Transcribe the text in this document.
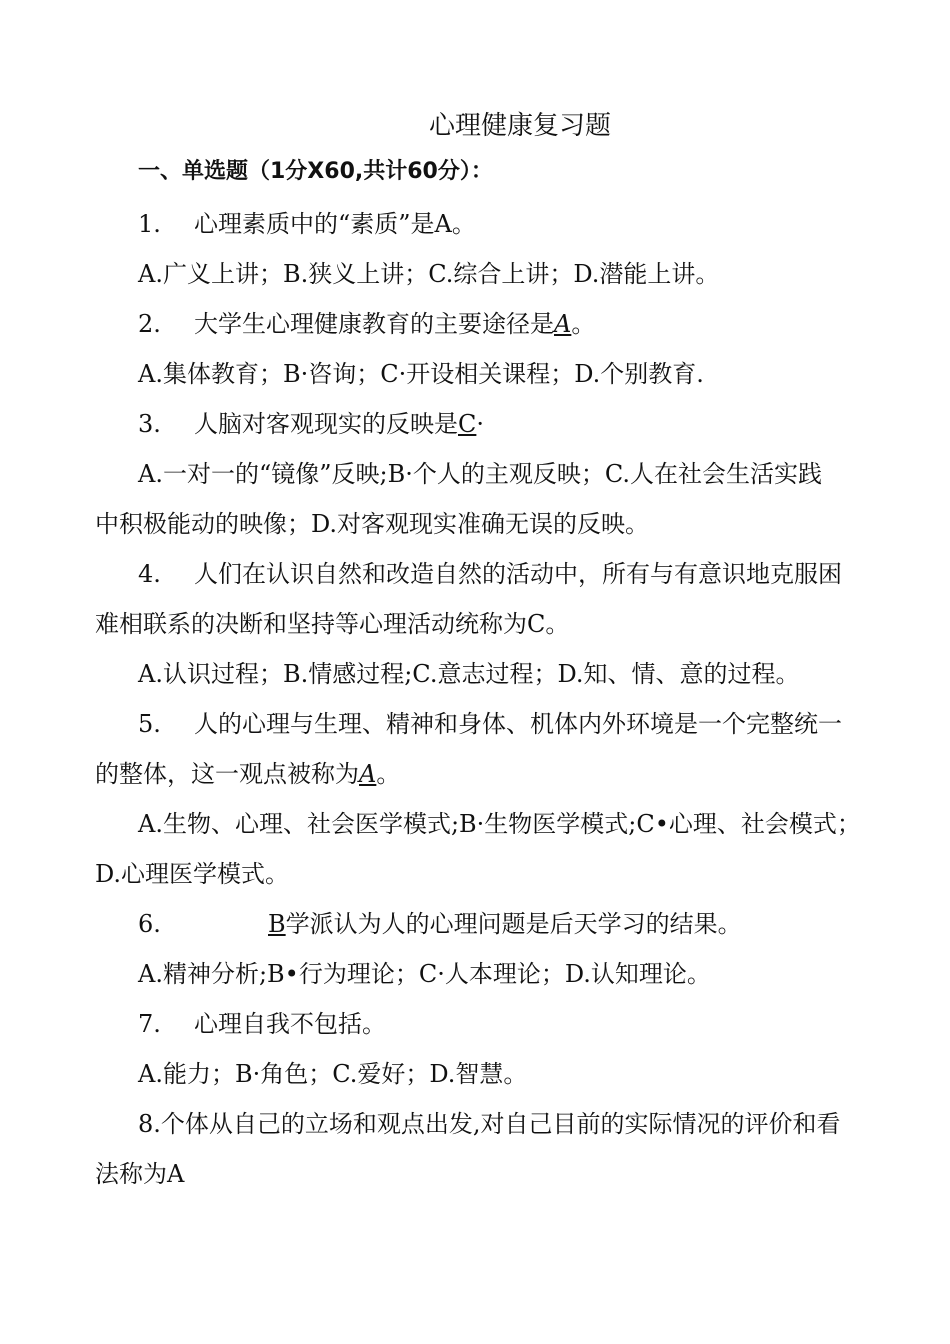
心理健康复习题
一、单选题（1分X60,共计60分）：
1. 心理素质中的“素质”是A。
A.广义上讲；B.狭义上讲；C.综合上讲；D.潜能上讲。
2. 大学生心理健康教育的主要途径是A。
A.集体教育；B·咨询；C·开设相关课程；D.个别教育.
3. 人脑对客观现实的反映是C·
A.一对一的“镜像”反映;B·个人的主观反映；C.人在社会生活实践
中积极能动的映像；D.对客观现实准确无误的反映。
4. 人们在认识自然和改造自然的活动中，所有与有意识地克服困
难相联系的决断和坚持等心理活动统称为C。
A.认识过程；B.情感过程;C.意志过程；D.知、情、意的过程。
5. 人的心理与生理、精神和身体、机体内外环境是一个完整统一
的整体，这一观点被称为A。
A.生物、心理、社会医学模式;B·生物医学模式;C•心理、社会模式；
D.心理医学模式。
6.	B学派认为人的心理问题是后天学习的结果。
A.精神分析;B•行为理论；C·人本理论；D.认知理论。
7. 心理自我不包括。
A.能力；B·角色；C.爱好；D.智慧。
8.个体从自己的立场和观点出发,对自己目前的实际情况的评价和看
法称为A
